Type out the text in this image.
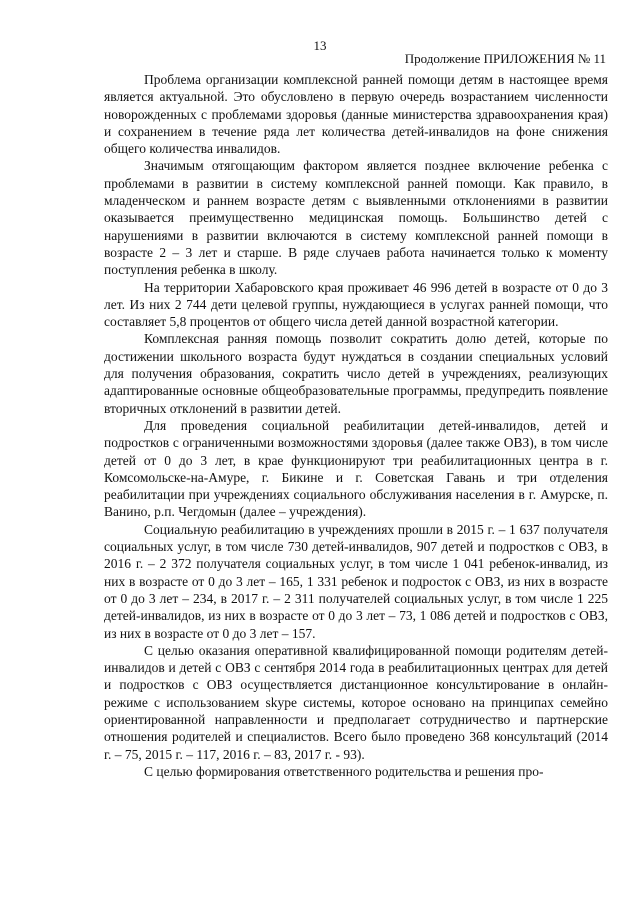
13
Продолжение ПРИЛОЖЕНИЯ № 11

Проблема организации комплексной ранней помощи детям в настоящее время является актуальной. Это обусловлено в первую очередь возрастанием численности новорожденных с проблемами здоровья (данные министерства здравоохранения края) и сохранением в течение ряда лет количества детей-инвалидов на фоне снижения общего количества инвалидов.

Значимым отягощающим фактором является позднее включение ребенка с проблемами в развитии в систему комплексной ранней помощи. Как правило, в младенческом и раннем возрасте детям с выявленными отклонениями в развитии оказывается преимущественно медицинская помощь. Большинство детей с нарушениями в развитии включаются в систему комплексной ранней помощи в возрасте 2 – 3 лет и старше. В ряде случаев работа начинается только к моменту поступления ребенка в школу.

На территории Хабаровского края проживает 46 996 детей в возрасте от 0 до 3 лет. Из них 2 744 дети целевой группы, нуждающиеся в услугах ранней помощи, что составляет 5,8 процентов от общего числа детей данной возрастной категории.

Комплексная ранняя помощь позволит сократить долю детей, которые по достижении школьного возраста будут нуждаться в создании специальных условий для получения образования, сократить число детей в учреждениях, реализующих адаптированные основные общеобразовательные программы, предупредить появление вторичных отклонений в развитии детей.

Для проведения социальной реабилитации детей-инвалидов, детей и подростков с ограниченными возможностями здоровья (далее также ОВЗ), в том числе детей от 0 до 3 лет, в крае функционируют три реабилитационных центра в г. Комсомольске-на-Амуре, г. Бикине и г. Советская Гавань и три отделения реабилитации при учреждениях социального обслуживания населения в г. Амурске, п. Ванино, р.п. Чегдомын (далее – учреждения).

Социальную реабилитацию в учреждениях прошли в 2015 г. – 1 637 получателя социальных услуг, в том числе 730 детей-инвалидов, 907 детей и подростков с ОВЗ, в 2016 г. – 2 372 получателя социальных услуг, в том числе 1 041 ребенок-инвалид, из них в возрасте от 0 до 3 лет – 165, 1 331 ребенок и подросток с ОВЗ, из них в возрасте от 0 до 3 лет – 234, в 2017 г. – 2 311 получателей социальных услуг, в том числе 1 225 детей-инвалидов, из них в возрасте от 0 до 3 лет – 73, 1 086 детей и подростков с ОВЗ, из них в возрасте от 0 до 3 лет – 157.

С целью оказания оперативной квалифицированной помощи родителям детей-инвалидов и детей с ОВЗ с сентября 2014 года в реабилитационных центрах для детей и подростков с ОВЗ осуществляется дистанционное консультирование в онлайн-режиме с использованием skype системы, которое основано на принципах семейно ориентированной направленности и предполагает сотрудничество и партнерские отношения родителей и специалистов. Всего было проведено 368 консультаций (2014 г. – 75, 2015 г. – 117, 2016 г. – 83, 2017 г. - 93).

С целью формирования ответственного родительства и решения про-
